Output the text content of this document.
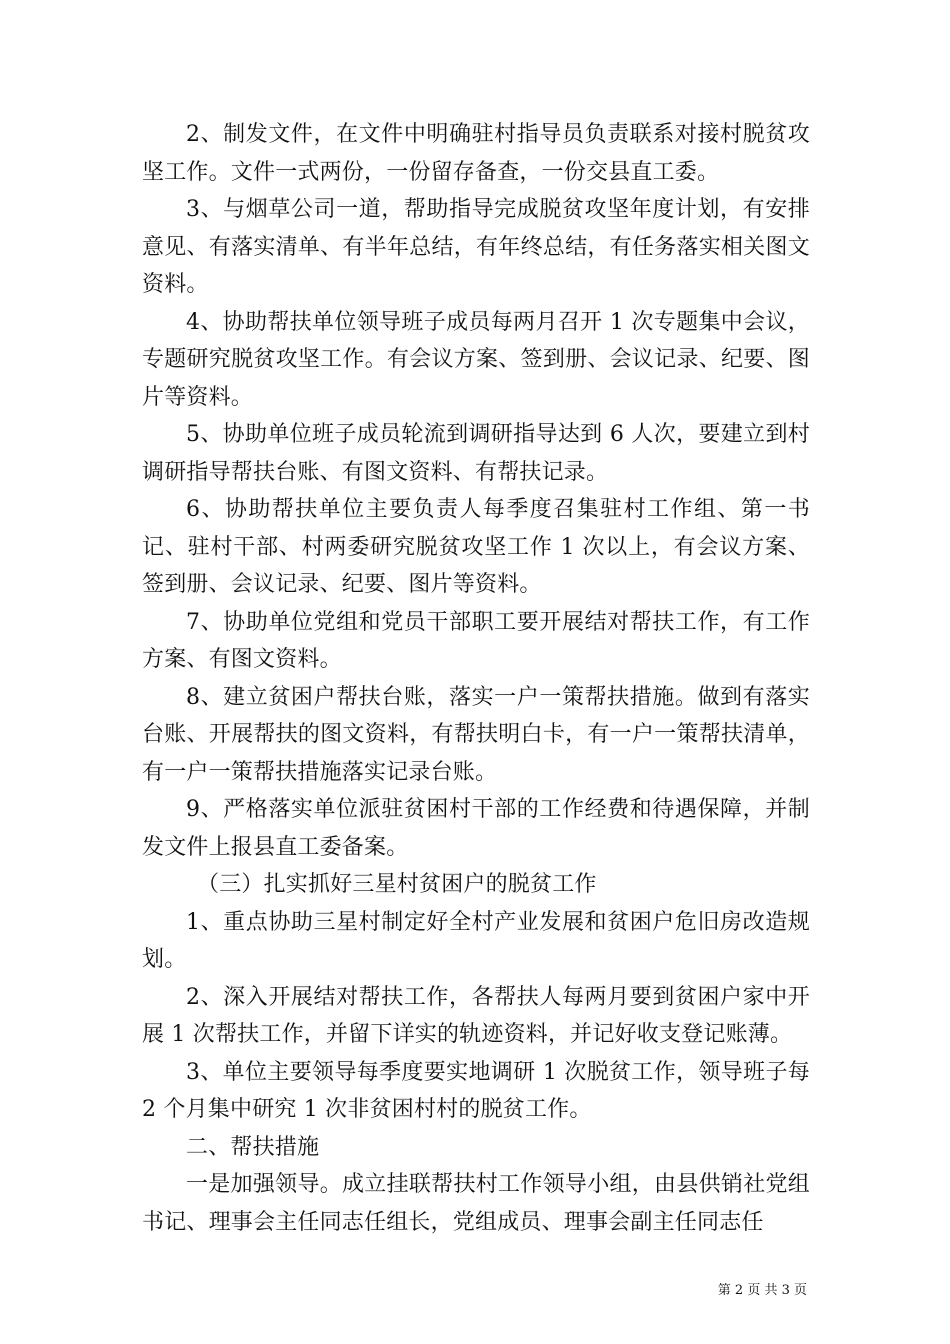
2、制发文件，在文件中明确驻村指导员负责联系对接村脱贫攻坚工作。文件一式两份，一份留存备查，一份交县直工委。

3、与烟草公司一道，帮助指导完成脱贫攻坚年度计划，有安排意见、有落实清单、有半年总结，有年终总结，有任务落实相关图文资料。

4、协助帮扶单位领导班子成员每两月召开 1 次专题集中会议，专题研究脱贫攻坚工作。有会议方案、签到册、会议记录、纪要、图片等资料。

5、协助单位班子成员轮流到调研指导达到 6 人次，要建立到村调研指导帮扶台账、有图文资料、有帮扶记录。

6、协助帮扶单位主要负责人每季度召集驻村工作组、第一书记、驻村干部、村两委研究脱贫攻坚工作 1 次以上，有会议方案、签到册、会议记录、纪要、图片等资料。

7、协助单位党组和党员干部职工要开展结对帮扶工作，有工作方案、有图文资料。

8、建立贫困户帮扶台账，落实一户一策帮扶措施。做到有落实台账、开展帮扶的图文资料，有帮扶明白卡，有一户一策帮扶清单，有一户一策帮扶措施落实记录台账。

9、严格落实单位派驻贫困村干部的工作经费和待遇保障，并制发文件上报县直工委备案。

（三）扎实抓好三星村贫困户的脱贫工作

1、重点协助三星村制定好全村产业发展和贫困户危旧房改造规划。

2、深入开展结对帮扶工作，各帮扶人每两月要到贫困户家中开展 1 次帮扶工作，并留下详实的轨迹资料，并记好收支登记账薄。

3、单位主要领导每季度要实地调研 1 次脱贫工作，领导班子每 2 个月集中研究 1 次非贫困村村的脱贫工作。

二、帮扶措施

一是加强领导。成立挂联帮扶村工作领导小组，由县供销社党组书记、理事会主任同志任组长，党组成员、理事会副主任同志任

第 2 页 共 3 页
